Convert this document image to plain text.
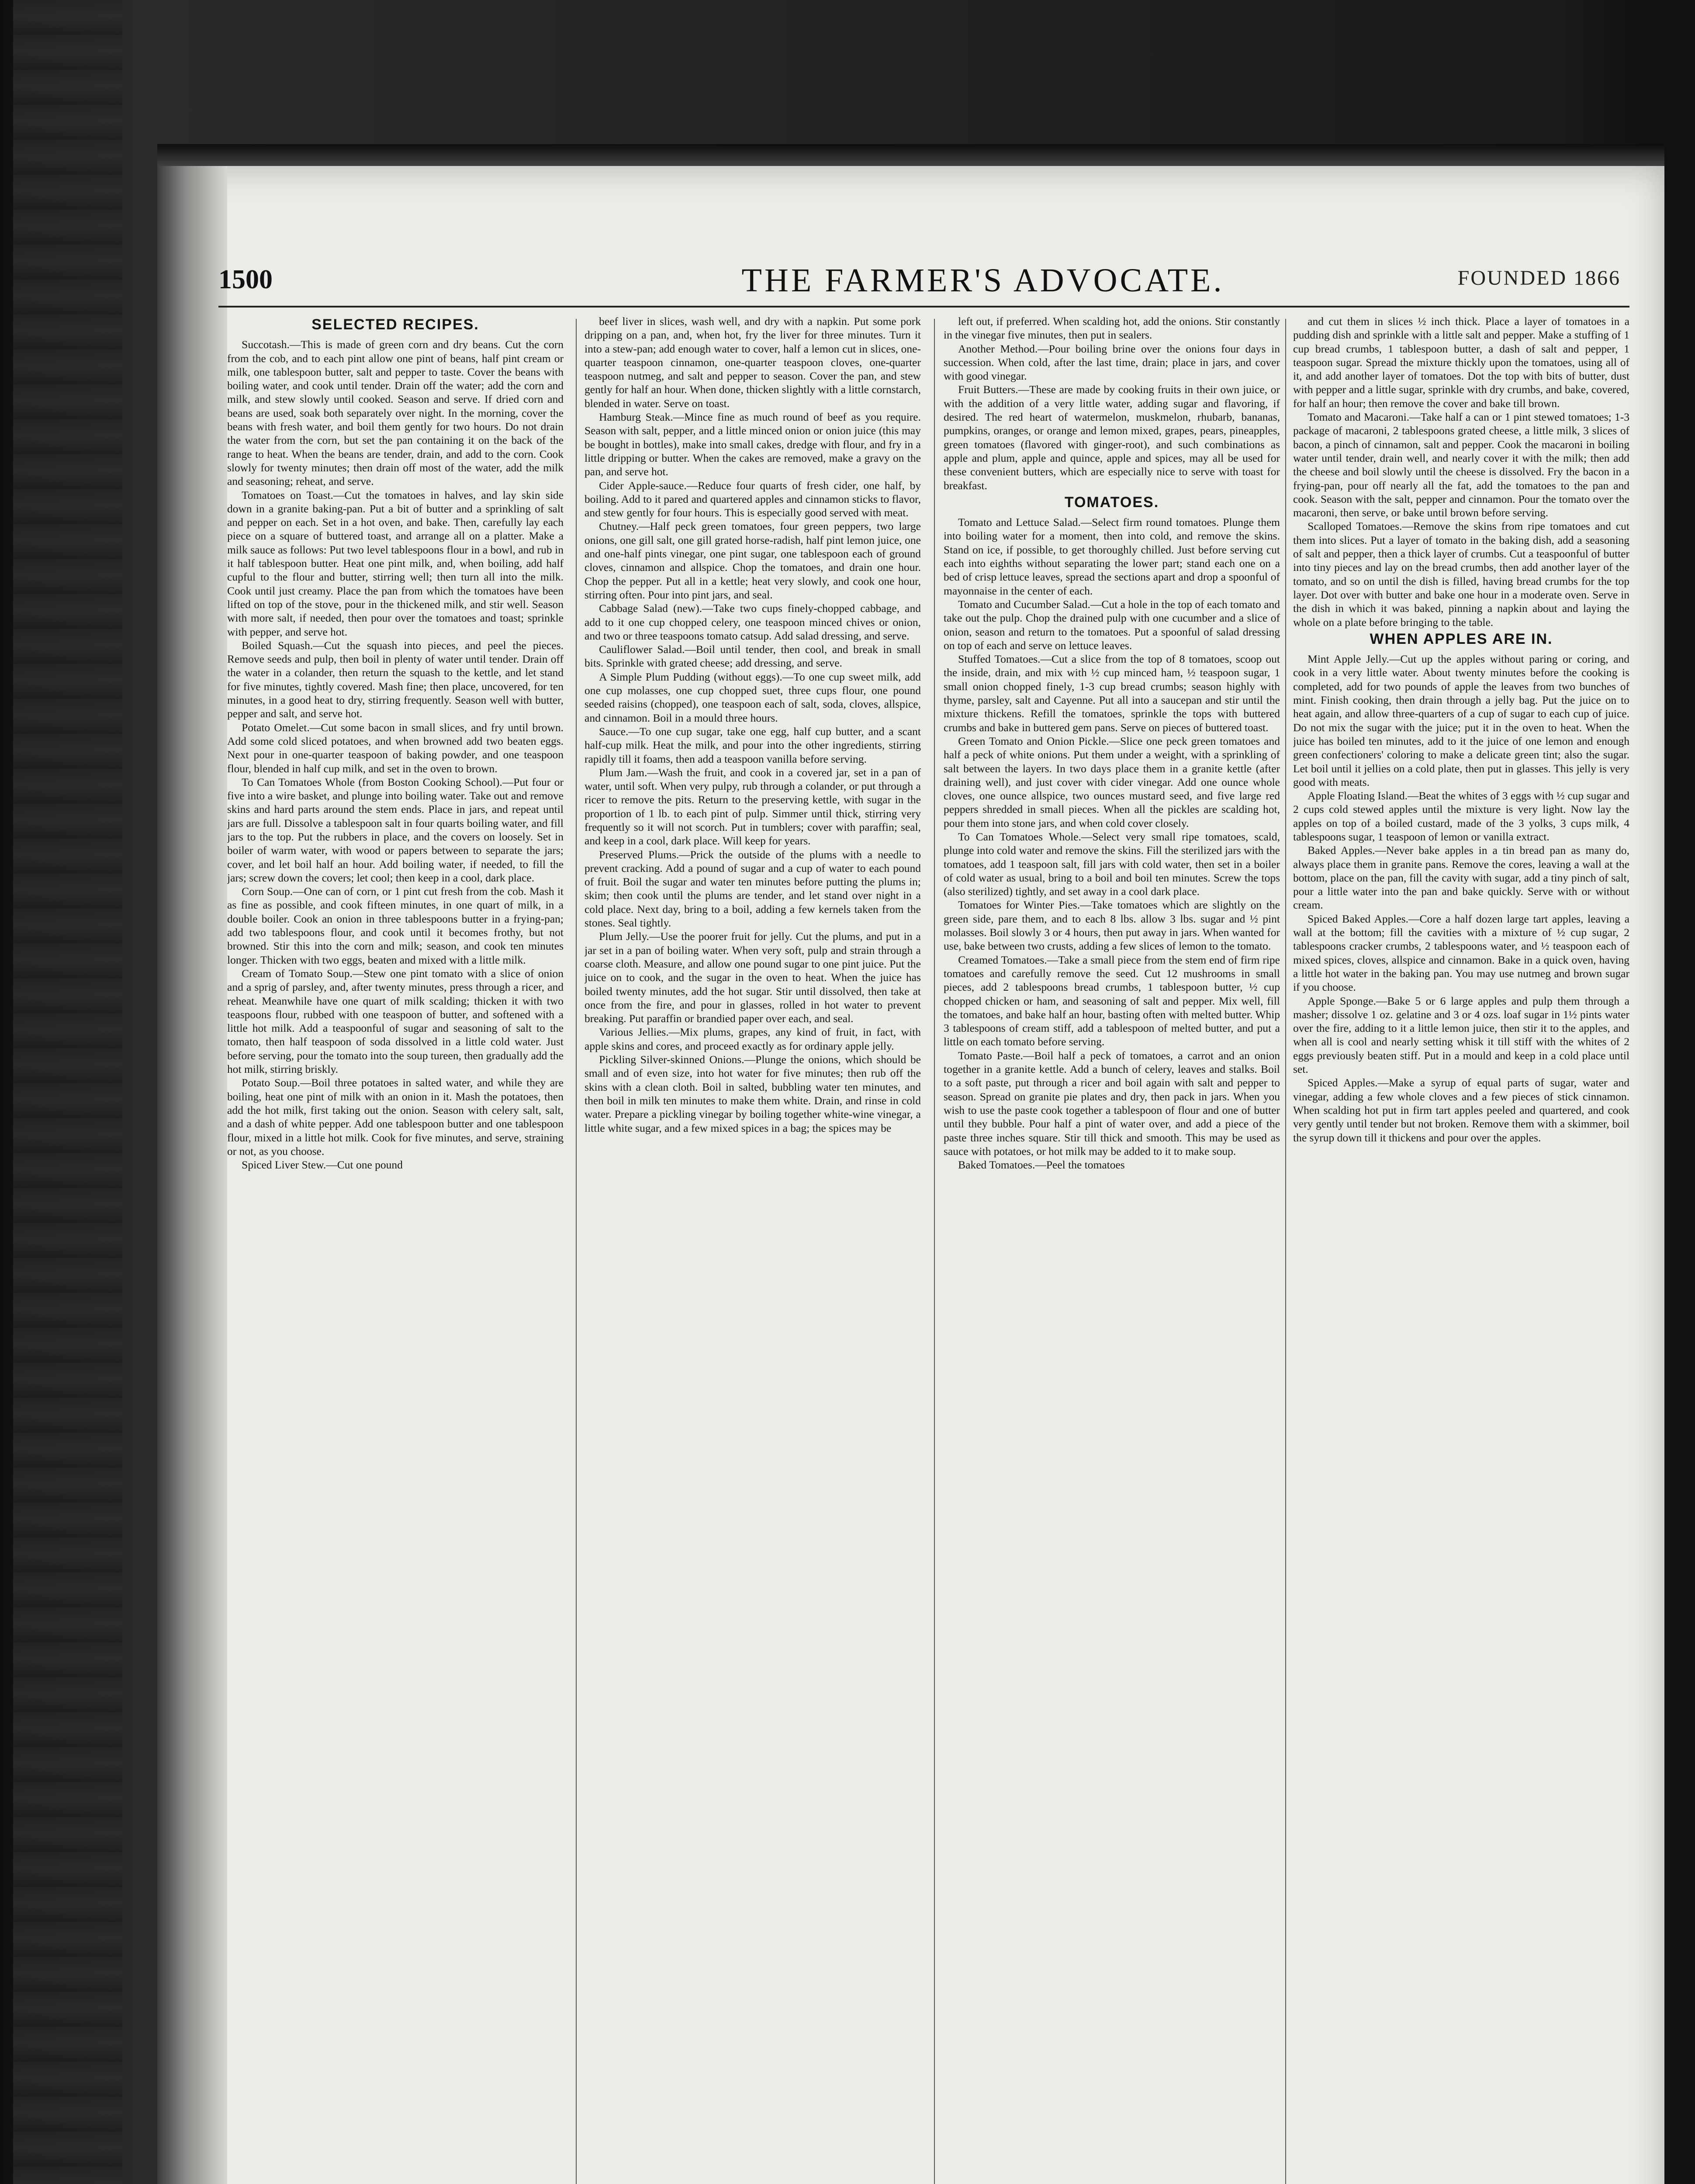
1500	THE FARMER'S ADVOCATE.	FOUNDED 1866
SELECTED RECIPES.

Succotash.—This is made of green corn and dry beans. Cut the corn from the cob, and to each pint allow one pint of beans, half pint cream or milk, one tablespoon butter, salt and pepper to taste. Cover the beans with boiling water, and cook until tender. Drain off the water; add the corn and milk, and stew slowly until cooked. Season and serve. If dried corn and beans are used, soak both separately over night. In the morning, cover the beans with fresh water, and boil them gently for two hours. Do not drain the water from the corn, but set the pan containing it on the back of the range to heat. When the beans are tender, drain, and add to the corn. Cook slowly for twenty minutes; then drain off most of the water, add the milk and seasoning; reheat, and serve.

Tomatoes on Toast.—Cut the tomatoes in halves, and lay skin side down in a granite baking-pan. Put a bit of butter and a sprinkling of salt and pepper on each. Set in a hot oven, and bake. Then, carefully lay each piece on a square of buttered toast, and arrange all on a platter. Make a milk sauce as follows: Put two level tablespoons flour in a bowl, and rub in it half tablespoon butter. Heat one pint milk, and, when boiling, add half cupful to the flour and butter, stirring well; then turn all into the milk. Cook until just creamy. Place the pan from which the tomatoes have been lifted on top of the stove, pour in the thickened milk, and stir well. Season with more salt, if needed, then pour over the tomatoes and toast; sprinkle with pepper, and serve hot.

Boiled Squash.—Cut the squash into pieces, and peel the pieces. Remove seeds and pulp, then boil in plenty of water until tender. Drain off the water in a colander, then return the squash to the kettle, and let stand for five minutes, tightly covered. Mash fine; then place, uncovered, for ten minutes, in a good heat to dry, stirring frequently. Season well with butter, pepper and salt, and serve hot.

Potato Omelet.—Cut some bacon in small slices, and fry until brown. Add some cold sliced potatoes, and when browned add two beaten eggs. Next pour in one-quarter teaspoon of baking powder, and one teaspoon flour, blended in half cup milk, and set in the oven to brown.

To Can Tomatoes Whole (from Boston Cooking School).—Put four or five into a wire basket, and plunge into boiling water. Take out and remove skins and hard parts around the stem ends. Place in jars, and repeat until jars are full. Dissolve a tablespoon salt in four quarts boiling water, and fill jars to the top. Put the rubbers in place, and the covers on loosely. Set in boiler of warm water, with wood or papers between to separate the jars; cover, and let boil half an hour. Add boiling water, if needed, to fill the jars; screw down the covers; let cool; then keep in a cool, dark place.

Corn Soup.—One can of corn, or 1 pint cut fresh from the cob. Mash it as fine as possible, and cook fifteen minutes, in one quart of milk, in a double boiler. Cook an onion in three tablespoons butter in a frying-pan; add two tablespoons flour, and cook until it becomes frothy, but not browned. Stir this into the corn and milk; season, and cook ten minutes longer. Thicken with two eggs, beaten and mixed with a little milk.

Cream of Tomato Soup.—Stew one pint tomato with a slice of onion and a sprig of parsley, and, after twenty minutes, press through a ricer, and reheat. Meanwhile have one quart of milk scalding; thicken it with two teaspoons flour, rubbed with one teaspoon of butter, and softened with a little hot milk. Add a teaspoonful of sugar and seasoning of salt to the tomato, then half teaspoon of soda dissolved in a little cold water. Just before serving, pour the tomato into the soup tureen, then gradually add the hot milk, stirring briskly.

Potato Soup.—Boil three potatoes in salted water, and while they are boiling, heat one pint of milk with an onion in it. Mash the potatoes, then add the hot milk, first taking out the onion. Season with celery salt, salt, and a dash of white pepper. Add one tablespoon butter and one tablespoon flour, mixed in a little hot milk. Cook for five minutes, and serve, straining or not, as you choose.

Spiced Liver Stew.—Cut one pound

beef liver in slices, wash well, and dry with a napkin. Put some pork dripping on a pan, and, when hot, fry the liver for three minutes. Turn it into a stew-pan; add enough water to cover, half a lemon cut in slices, one-quarter teaspoon cinnamon, one-quarter teaspoon cloves, one-quarter teaspoon nutmeg, and salt and pepper to season. Cover the pan, and stew gently for half an hour. When done, thicken slightly with a little cornstarch, blended in water. Serve on toast.

Hamburg Steak.—Mince fine as much round of beef as you require. Season with salt, pepper, and a little minced onion or onion juice (this may be bought in bottles), make into small cakes, dredge with flour, and fry in a little dripping or butter. When the cakes are removed, make a gravy on the pan, and serve hot.

Cider Apple-sauce.—Reduce four quarts of fresh cider, one half, by boiling. Add to it pared and quartered apples and cinnamon sticks to flavor, and stew gently for four hours. This is especially good served with meat.

Chutney.—Half peck green tomatoes, four green peppers, two large onions, one gill salt, one gill grated horse-radish, half pint lemon juice, one and one-half pints vinegar, one pint sugar, one tablespoon each of ground cloves, cinnamon and allspice. Chop the tomatoes, and drain one hour. Chop the pepper. Put all in a kettle; heat very slowly, and cook one hour, stirring often. Pour into pint jars, and seal.

Cabbage Salad (new).—Take two cups finely-chopped cabbage, and add to it one cup chopped celery, one teaspoon minced chives or onion, and two or three teaspoons tomato catsup. Add salad dressing, and serve.

Cauliflower Salad.—Boil until tender, then cool, and break in small bits. Sprinkle with grated cheese; add dressing, and serve.

A Simple Plum Pudding (without eggs).—To one cup sweet milk, add one cup molasses, one cup chopped suet, three cups flour, one pound seeded raisins (chopped), one teaspoon each of salt, soda, cloves, allspice, and cinnamon. Boil in a mould three hours.

Sauce.—To one cup sugar, take one egg, half cup butter, and a scant half-cup milk. Heat the milk, and pour into the other ingredients, stirring rapidly till it foams, then add a teaspoon vanilla before serving.

Plum Jam.—Wash the fruit, and cook in a covered jar, set in a pan of water, until soft. When very pulpy, rub through a colander, or put through a ricer to remove the pits. Return to the preserving kettle, with sugar in the proportion of 1 lb. to each pint of pulp. Simmer until thick, stirring very frequently so it will not scorch. Put in tumblers; cover with paraffin; seal, and keep in a cool, dark place. Will keep for years.

Preserved Plums.—Prick the outside of the plums with a needle to prevent cracking. Add a pound of sugar and a cup of water to each pound of fruit. Boil the sugar and water ten minutes before putting the plums in; skim; then cook until the plums are tender, and let stand over night in a cold place. Next day, bring to a boil, adding a few kernels taken from the stones. Seal tightly.

Plum Jelly.—Use the poorer fruit for jelly. Cut the plums, and put in a jar set in a pan of boiling water. When very soft, pulp and strain through a coarse cloth. Measure, and allow one pound sugar to one pint juice. Put the juice on to cook, and the sugar in the oven to heat. When the juice has boiled twenty minutes, add the hot sugar. Stir until dissolved, then take at once from the fire, and pour in glasses, rolled in hot water to prevent breaking. Put paraffin or brandied paper over each, and seal.

Various Jellies.—Mix plums, grapes, any kind of fruit, in fact, with apple skins and cores, and proceed exactly as for ordinary apple jelly.

Pickling Silver-skinned Onions.—Plunge the onions, which should be small and of even size, into hot water for five minutes; then rub off the skins with a clean cloth. Boil in salted, bubbling water ten minutes, and then boil in milk ten minutes to make them white. Drain, and rinse in cold water. Prepare a pickling vinegar by boiling together white-wine vinegar, a little white sugar, and a few mixed spices in a bag; the spices may be

left out, if preferred. When scalding hot, add the onions. Stir constantly in the vinegar five minutes, then put in sealers.

Another Method.—Pour boiling brine over the onions four days in succession. When cold, after the last time, drain; place in jars, and cover with good vinegar.

Fruit Butters.—These are made by cooking fruits in their own juice, or with the addition of a very little water, adding sugar and flavoring, if desired. The red heart of watermelon, muskmelon, rhubarb, bananas, pumpkins, oranges, or orange and lemon mixed, grapes, pears, pineapples, green tomatoes (flavored with ginger-root), and such combinations as apple and plum, apple and quince, apple and spices, may all be used for these convenient butters, which are especially nice to serve with toast for breakfast.

TOMATOES.

Tomato and Lettuce Salad.—Select firm round tomatoes. Plunge them into boiling water for a moment, then into cold, and remove the skins. Stand on ice, if possible, to get thoroughly chilled. Just before serving cut each into eighths without separating the lower part; stand each one on a bed of crisp lettuce leaves, spread the sections apart and drop a spoonful of mayonnaise in the center of each.

Tomato and Cucumber Salad.—Cut a hole in the top of each tomato and take out the pulp. Chop the drained pulp with one cucumber and a slice of onion, season and return to the tomatoes. Put a spoonful of salad dressing on top of each and serve on lettuce leaves.

Stuffed Tomatoes.—Cut a slice from the top of 8 tomatoes, scoop out the inside, drain, and mix with ½ cup minced ham, ½ teaspoon sugar, 1 small onion chopped finely, 1-3 cup bread crumbs; season highly with thyme, parsley, salt and Cayenne. Put all into a saucepan and stir until the mixture thickens. Refill the tomatoes, sprinkle the tops with buttered crumbs and bake in buttered gem pans. Serve on pieces of buttered toast.

Green Tomato and Onion Pickle.—Slice one peck green tomatoes and half a peck of white onions. Put them under a weight, with a sprinkling of salt between the layers. In two days place them in a granite kettle (after draining well), and just cover with cider vinegar. Add one ounce whole cloves, one ounce allspice, two ounces mustard seed, and five large red peppers shredded in small pieces. When all the pickles are scalding hot, pour them into stone jars, and when cold cover closely.

To Can Tomatoes Whole.—Select very small ripe tomatoes, scald, plunge into cold water and remove the skins. Fill the sterilized jars with the tomatoes, add 1 teaspoon salt, fill jars with cold water, then set in a boiler of cold water as usual, bring to a boil and boil ten minutes. Screw the tops (also sterilized) tightly, and set away in a cool dark place.

Tomatoes for Winter Pies.—Take tomatoes which are slightly on the green side, pare them, and to each 8 lbs. allow 3 lbs. sugar and ½ pint molasses. Boil slowly 3 or 4 hours, then put away in jars. When wanted for use, bake between two crusts, adding a few slices of lemon to the tomato.

Creamed Tomatoes.—Take a small piece from the stem end of firm ripe tomatoes and carefully remove the seed. Cut 12 mushrooms in small pieces, add 2 tablespoons bread crumbs, 1 tablespoon butter, ½ cup chopped chicken or ham, and seasoning of salt and pepper. Mix well, fill the tomatoes, and bake half an hour, basting often with melted butter. Whip 3 tablespoons of cream stiff, add a tablespoon of melted butter, and put a little on each tomato before serving.

Tomato Paste.—Boil half a peck of tomatoes, a carrot and an onion together in a granite kettle. Add a bunch of celery, leaves and stalks. Boil to a soft paste, put through a ricer and boil again with salt and pepper to season. Spread on granite pie plates and dry, then pack in jars. When you wish to use the paste cook together a tablespoon of flour and one of butter until they bubble. Pour half a pint of water over, and add a piece of the paste three inches square. Stir till thick and smooth. This may be used as sauce with potatoes, or hot milk may be added to it to make soup.

Baked Tomatoes.—Peel the tomatoes

and cut them in slices ½ inch thick. Place a layer of tomatoes in a pudding dish and sprinkle with a little salt and pepper. Make a stuffing of 1 cup bread crumbs, 1 tablespoon butter, a dash of salt and pepper, 1 teaspoon sugar. Spread the mixture thickly upon the tomatoes, using all of it, and add another layer of tomatoes. Dot the top with bits of butter, dust with pepper and a little sugar, sprinkle with dry crumbs, and bake, covered, for half an hour; then remove the cover and bake till brown.

Tomato and Macaroni.—Take half a can or 1 pint stewed tomatoes; 1-3 package of macaroni, 2 tablespoons grated cheese, a little milk, 3 slices of bacon, a pinch of cinnamon, salt and pepper. Cook the macaroni in boiling water until tender, drain well, and nearly cover it with the milk; then add the cheese and boil slowly until the cheese is dissolved. Fry the bacon in a frying-pan, pour off nearly all the fat, add the tomatoes to the pan and cook. Season with the salt, pepper and cinnamon. Pour the tomato over the macaroni, then serve, or bake until brown before serving.

Scalloped Tomatoes.—Remove the skins from ripe tomatoes and cut them into slices. Put a layer of tomato in the baking dish, add a seasoning of salt and pepper, then a thick layer of crumbs. Cut a teaspoonful of butter into tiny pieces and lay on the bread crumbs, then add another layer of the tomato, and so on until the dish is filled, having bread crumbs for the top layer. Dot over with butter and bake one hour in a moderate oven. Serve in the dish in which it was baked, pinning a napkin about and laying the whole on a plate before bringing to the table.

WHEN APPLES ARE IN.

Mint Apple Jelly.—Cut up the apples without paring or coring, and cook in a very little water. About twenty minutes before the cooking is completed, add for two pounds of apple the leaves from two bunches of mint. Finish cooking, then drain through a jelly bag. Put the juice on to heat again, and allow three-quarters of a cup of sugar to each cup of juice. Do not mix the sugar with the juice; put it in the oven to heat. When the juice has boiled ten minutes, add to it the juice of one lemon and enough green confectioners' coloring to make a delicate green tint; also the sugar. Let boil until it jellies on a cold plate, then put in glasses. This jelly is very good with meats.

Apple Floating Island.—Beat the whites of 3 eggs with ½ cup sugar and 2 cups cold stewed apples until the mixture is very light. Now lay the apples on top of a boiled custard, made of the 3 yolks, 3 cups milk, 4 tablespoons sugar, 1 teaspoon of lemon or vanilla extract.

Baked Apples.—Never bake apples in a tin bread pan as many do, always place them in granite pans. Remove the cores, leaving a wall at the bottom, place on the pan, fill the cavity with sugar, add a tiny pinch of salt, pour a little water into the pan and bake quickly. Serve with or without cream.

Spiced Baked Apples.—Core a half dozen large tart apples, leaving a wall at the bottom; fill the cavities with a mixture of ½ cup sugar, 2 tablespoons cracker crumbs, 2 tablespoons water, and ½ teaspoon each of mixed spices, cloves, allspice and cinnamon. Bake in a quick oven, having a little hot water in the baking pan. You may use nutmeg and brown sugar if you choose.

Apple Sponge.—Bake 5 or 6 large apples and pulp them through a masher; dissolve 1 oz. gelatine and 3 or 4 ozs. loaf sugar in 1½ pints water over the fire, adding to it a little lemon juice, then stir it to the apples, and when all is cool and nearly setting whisk it till stiff with the whites of 2 eggs previously beaten stiff. Put in a mould and keep in a cold place until set.

Spiced Apples.—Make a syrup of equal parts of sugar, water and vinegar, adding a few whole cloves and a few pieces of stick cinnamon. When scalding hot put in firm tart apples peeled and quartered, and cook very gently until tender but not broken. Remove them with a skimmer, boil the syrup down till it thickens and pour over the apples.
